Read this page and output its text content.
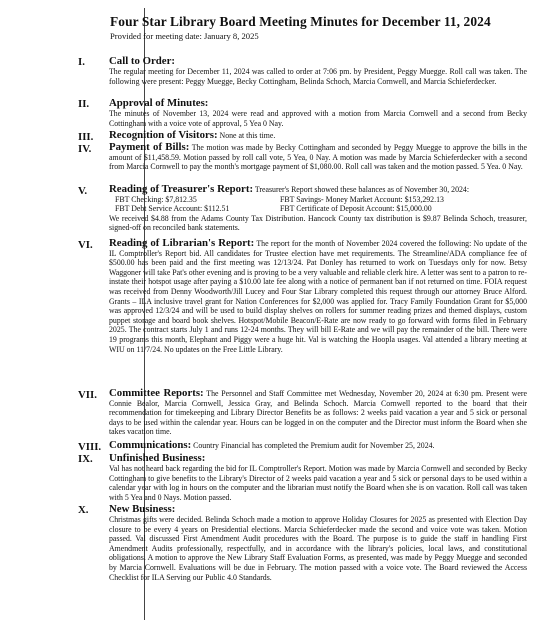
Four Star Library Board Meeting Minutes for December 11, 2024
Provided for meeting date: January 8, 2025
I. Call to Order:
The regular meeting for December 11, 2024 was called to order at 7:06 pm. by President, Peggy Muegge. Roll call was taken. The following were present: Peggy Muegge, Becky Cottingham, Belinda Schoch, Marcia Cornwell, and Marcia Schieferdecker.
II. Approval of Minutes:
The minutes of November 13, 2024 were read and approved with a motion from Marcia Cornwell and a second from Becky Cottingham with a voice vote of approval, 5 Yea 0 Nay.
III. Recognition of Visitors: None at this time.
IV. Payment of Bills: The motion was made by Becky Cottingham and seconded by Peggy Muegge to approve the bills in the amount of $11,458.59. Motion passed by roll call vote, 5 Yea, 0 Nay. A motion was made by Marcia Schieferdecker with a second from Marcia Cornwell to pay the month's mortgage payment of $1,080.00. Roll call was taken and the motion passed. 5 Yea. 0 Nay.
V. Reading of Treasurer's Report: Treasurer's Report showed these balances as of November 30, 2024:
FBT Checking: $7,812.35	FBT Savings- Money Market Account: $153,292.13
FBT Debt Service Account: $112.51	FBT Certificate of Deposit Account: $15,000.00
We received $4.88 from the Adams County Tax Distribution. Hancock County tax distribution is $9.87 Belinda Schoch, treasurer, signed-off on reconciled bank statements.
VI. Reading of Librarian's Report: The report for the month of November 2024 covered the following: No update of the IL Comptroller's Report bid. All candidates for Trustee election have met requirements. The Streamline/ADA compliance fee of $500.00 has been paid and the first meeting was 12/13/24. Pat Donley has returned to work on Tuesdays only for now. Betsy Waggoner will take Pat's other evening and is proving to be a very valuable and reliable clerk hire. A letter was sent to a patron to re-instate their hotspot usage after paying a $10.00 late fee along with a notice of permanent ban if not returned on time. FOIA request was received from Denny Woodworth/Jill Lucey and Four Star Library completed this request through our attorney Bruce Alford. Grants – ILA inclusive travel grant for Nation Conferences for $2,000 was applied for. Tracy Family Foundation Grant for $5,000 was approved 12/3/24 and will be used to build display shelves on rollers for summer reading prizes and themed displays, custom puppet storage and board book shelves. Hotspot/Mobile Beacon/E-Rate are now ready to go forward with forms filed in February 2025. The contract starts July 1 and runs 12-24 months. They will bill E-Rate and we will pay the remainder of the bill. There were 19 programs this month, Elephant and Piggy were a huge hit. Val is watching the Hoopla usages. Val attended a library meeting at WIU on 11/7/24. No updates on the Free Little Library.
VII. Committee Reports: The Personnel and Staff Committee met Wednesday, November 20, 2024 at 6:30 pm. Present were Connie Bealor, Marcia Cornwell, Jessica Gray, and Belinda Schoch. Marcia Cornwell reported to the board that their recommendation for timekeeping and Library Director Benefits be as follows: 2 weeks paid vacation a year and 5 sick or personal days to be used within the calendar year. Hours can be logged in on the computer and the Director must inform the Board when she takes vacation time.
VIII. Communications: Country Financial has completed the Premium audit for November 25, 2024.
IX. Unfinished Business:
Val has not heard back regarding the bid for IL Comptroller's Report. Motion was made by Marcia Cornwell and seconded by Becky Cottingham to give benefits to the Library's Director of 2 weeks paid vacation a year and 5 sick or personal days to be used within a calendar year with log in hours on the computer and the librarian must notify the Board when she is on vacation. Roll call was taken with 5 Yea and 0 Nays. Motion passed.
X. New Business:
Christmas gifts were decided. Belinda Schoch made a motion to approve Holiday Closures for 2025 as presented with Election Day closure to be every 4 years on Presidential elections. Marcia Schieferdecker made the second and voice vote was taken. Motion passed. Val discussed First Amendment Audit procedures with the Board. The purpose is to guide the staff in handling First Amendment Audits professionally, respectfully, and in accordance with the library's policies, local laws, and constitutional obligations. A motion to approve the New Library Staff Evaluation Forms, as presented, was made by Peggy Muegge and seconded by Marcia Cornwell. Evaluations will be due in February. The motion passed with a voice vote. The Board reviewed the Access Checklist for ILA Serving our Public 4.0 Standards.
